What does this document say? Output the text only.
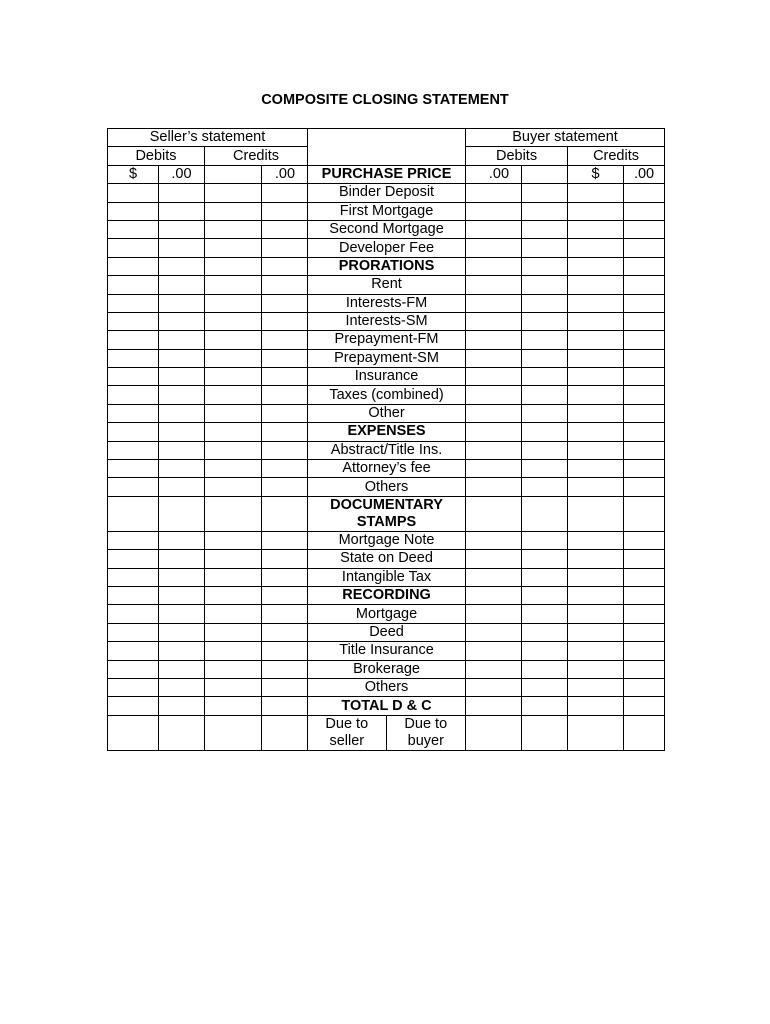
COMPOSITE CLOSING STATEMENT
Seller’s statement		Buyer statement
Debits	Credits	Debits	Credits
$	.00		.00	PURCHASE PRICE	.00		$	.00
				Binder Deposit				
				First Mortgage				
				Second Mortgage				
				Developer Fee				
				PRORATIONS				
				Rent				
				Interests-FM				
				Interests-SM				
				Prepayment-FM				
				Prepayment-SM				
				Insurance				
				Taxes (combined)				
				Other				
				EXPENSES				
				Abstract/Title Ins.				
				Attorney’s fee				
				Others				
				DOCUMENTARY STAMPS				
				Mortgage Note				
				State on Deed				
				Intangible Tax				
				RECORDING				
				Mortgage				
				Deed				
				Title Insurance				
				Brokerage				
				Others				
				TOTAL D & C				

Due to seller	Due to buyer
